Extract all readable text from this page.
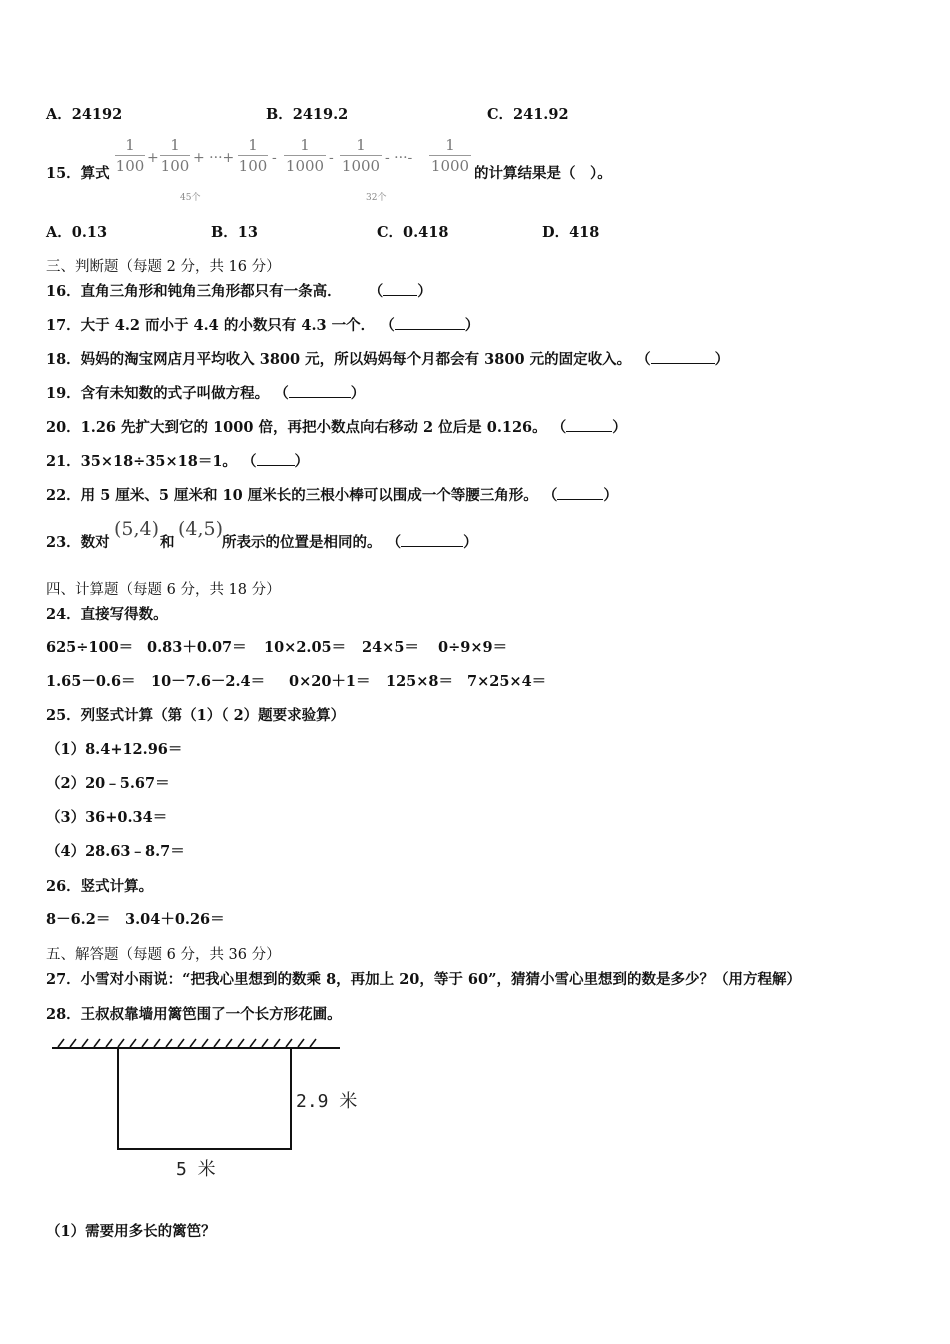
A．24192	B．2419.2	C．241.92
15．算式
1
100 +
1
100 + ···+
1
100 -
1
1000 -
1
1000 - ···-
1
1000
45个	32个
的计算结果是（　）。
A．0.13	B．13	C．0.418	D．418
三、判断题（每题 2 分，共 16 分）
16．直角三角形和钝角三角形都只有一条高． （ ）
17．大于 4.2 而小于 4.4 的小数只有 4.3 一个． （	）
18．妈妈的淘宝网店月平均收入 3800 元，所以妈妈每个月都会有 3800 元的固定收入。 （	）
19．含有未知数的式子叫做方程。 （	）
20．1.26 先扩大到它的 1000 倍，再把小数点向右移动 2 位后是 0.126。 （	）
21．35×18÷35×18＝1。 （	）
22．用 5 厘米、5 厘米和 10 厘米长的三根小棒可以围成一个等腰三角形。 （	）
23．数对
(5,4)
和
(4,5)
所表示的位置是相同的。 （	）
四、计算题（每题 6 分，共 18 分）
24．直接写得数。
625÷100＝ 0.83＋0.07＝ 10×2.05＝ 24×5＝ 0÷9×9＝
1.65－0.6＝ 10－7.6－2.4＝ 0×20＋1＝ 125×8＝ 7×25×4＝
25．列竖式计算（第（1）（ 2）题要求验算）
（1）8.4+12.96＝
（2）20﹣5.67＝
（3）36+0.34＝
（4）28.63﹣8.7＝
26．竖式计算。
8－6.2＝ 3.04＋0.26＝
五、解答题（每题 6 分，共 36 分）
27．小雪对小雨说：“把我心里想到的数乘 8，再加上 20，等于 60”，猜猜小雪心里想到的数是多少？（用方程解）
28．王叔叔靠墙用篱笆围了一个长方形花圃。
2.9 米
5 米
（1）需要用多长的篱笆？
